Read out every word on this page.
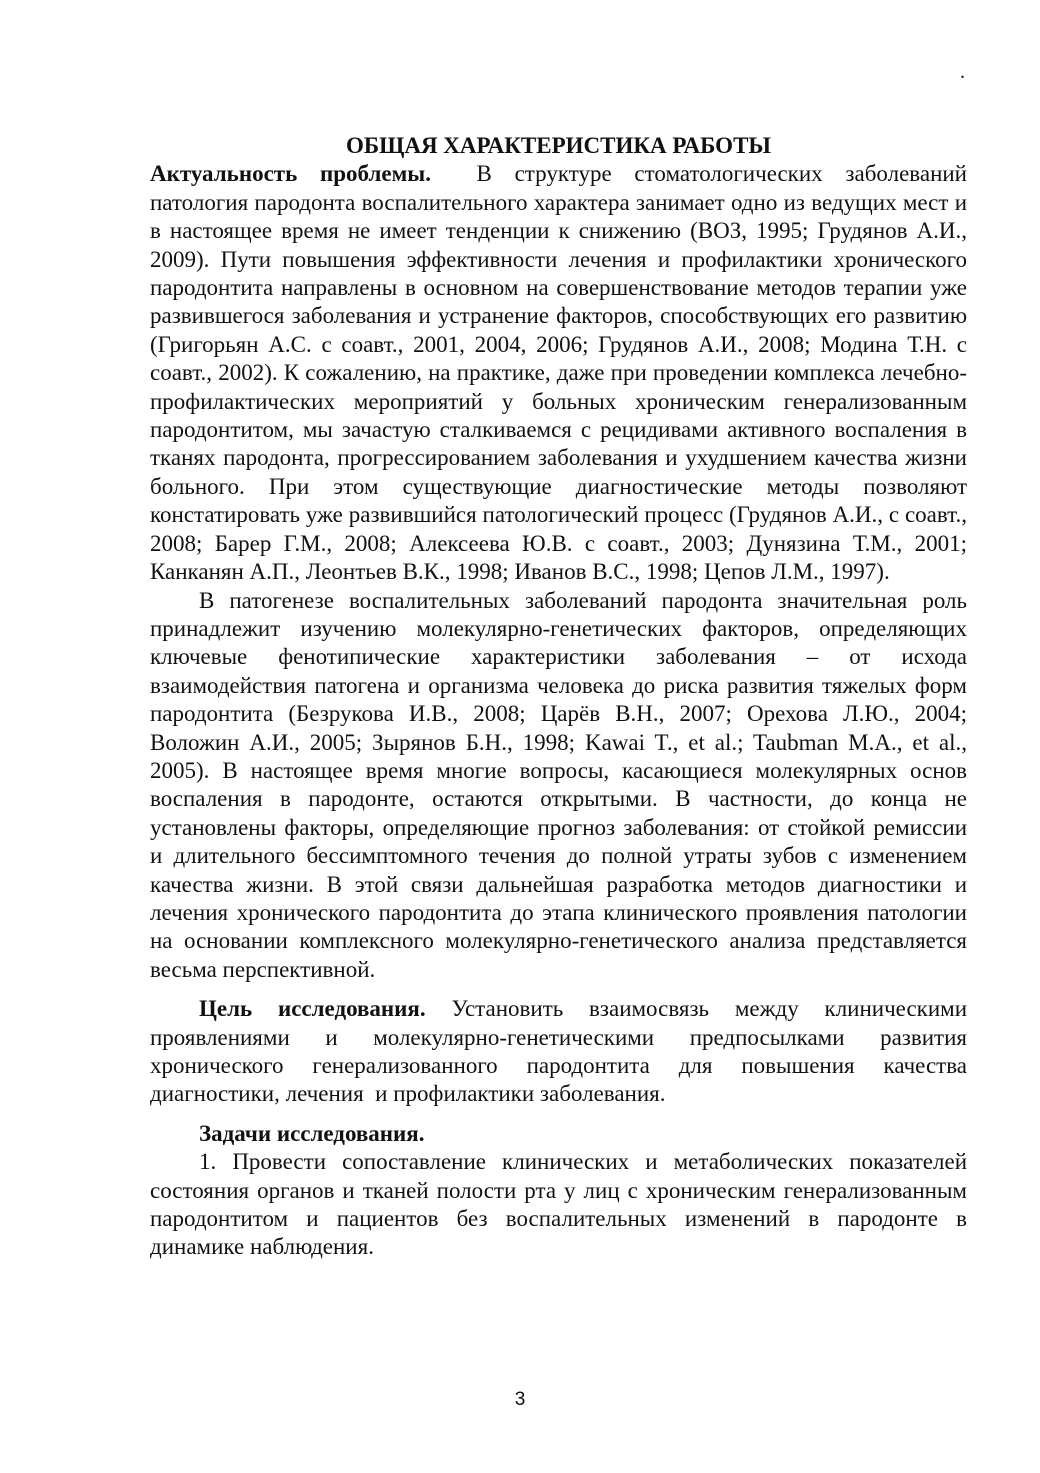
.
ОБЩАЯ ХАРАКТЕРИСТИКА РАБОТЫ

Актуальность проблемы.  В структуре стоматологических заболеваний патология пародонта воспалительного характера занимает одно из ведущих мест и в настоящее время не имеет тенденции к снижению (ВОЗ, 1995; Грудянов А.И., 2009). Пути повышения эффективности лечения и профилактики хронического пародонтита направлены в основном на совершенствование методов терапии уже развившегося заболевания и устранение факторов, способствующих его развитию (Григорьян А.С. с соавт., 2001, 2004, 2006; Грудянов А.И., 2008; Модина Т.Н. с соавт., 2002). К сожалению, на практике, даже при проведении комплекса лечебно-профилактических мероприятий у больных хроническим генерализованным пародонтитом, мы зачастую сталкиваемся с рецидивами активного воспаления в тканях пародонта, прогрессированием заболевания и ухудшением качества жизни больного. При этом существующие диагностические методы позволяют констатировать уже развившийся патологический процесс (Грудянов А.И., с соавт., 2008; Барер Г.М., 2008; Алексеева Ю.В. с соавт., 2003; Дунязина Т.М., 2001; Канканян А.П., Леонтьев В.К., 1998; Иванов В.С., 1998; Цепов Л.М., 1997).

В патогенезе воспалительных заболеваний пародонта значительная роль принадлежит изучению молекулярно-генетических факторов, определяющих ключевые фенотипические характеристики заболевания – от исхода взаимодействия патогена и организма человека до риска развития тяжелых форм пародонтита (Безрукова И.В., 2008; Царёв В.Н., 2007; Орехова Л.Ю., 2004; Воложин А.И., 2005; Зырянов Б.Н., 1998; Kawai T., et al.; Taubman M.A., et al., 2005). В настоящее время многие вопросы, касающиеся молекулярных основ воспаления в пародонте, остаются открытыми. В частности, до конца не установлены факторы, определяющие прогноз заболевания: от стойкой ремиссии и длительного бессимптомного течения до полной утраты зубов с изменением качества жизни. В этой связи дальнейшая разработка методов диагностики и лечения хронического пародонтита до этапа клинического проявления патологии на основании комплексного молекулярно-генетического анализа представляется весьма перспективной.

Цель исследования. Установить взаимосвязь между клиническими проявлениями и молекулярно-генетическими предпосылками развития хронического генерализованного пародонтита для повышения качества диагностики, лечения  и профилактики заболевания.

Задачи исследования.

1. Провести сопоставление клинических и метаболических показателей состояния органов и тканей полости рта у лиц с хроническим генерализованным пародонтитом и пациентов без воспалительных изменений в пародонте в динамике наблюдения.

3
